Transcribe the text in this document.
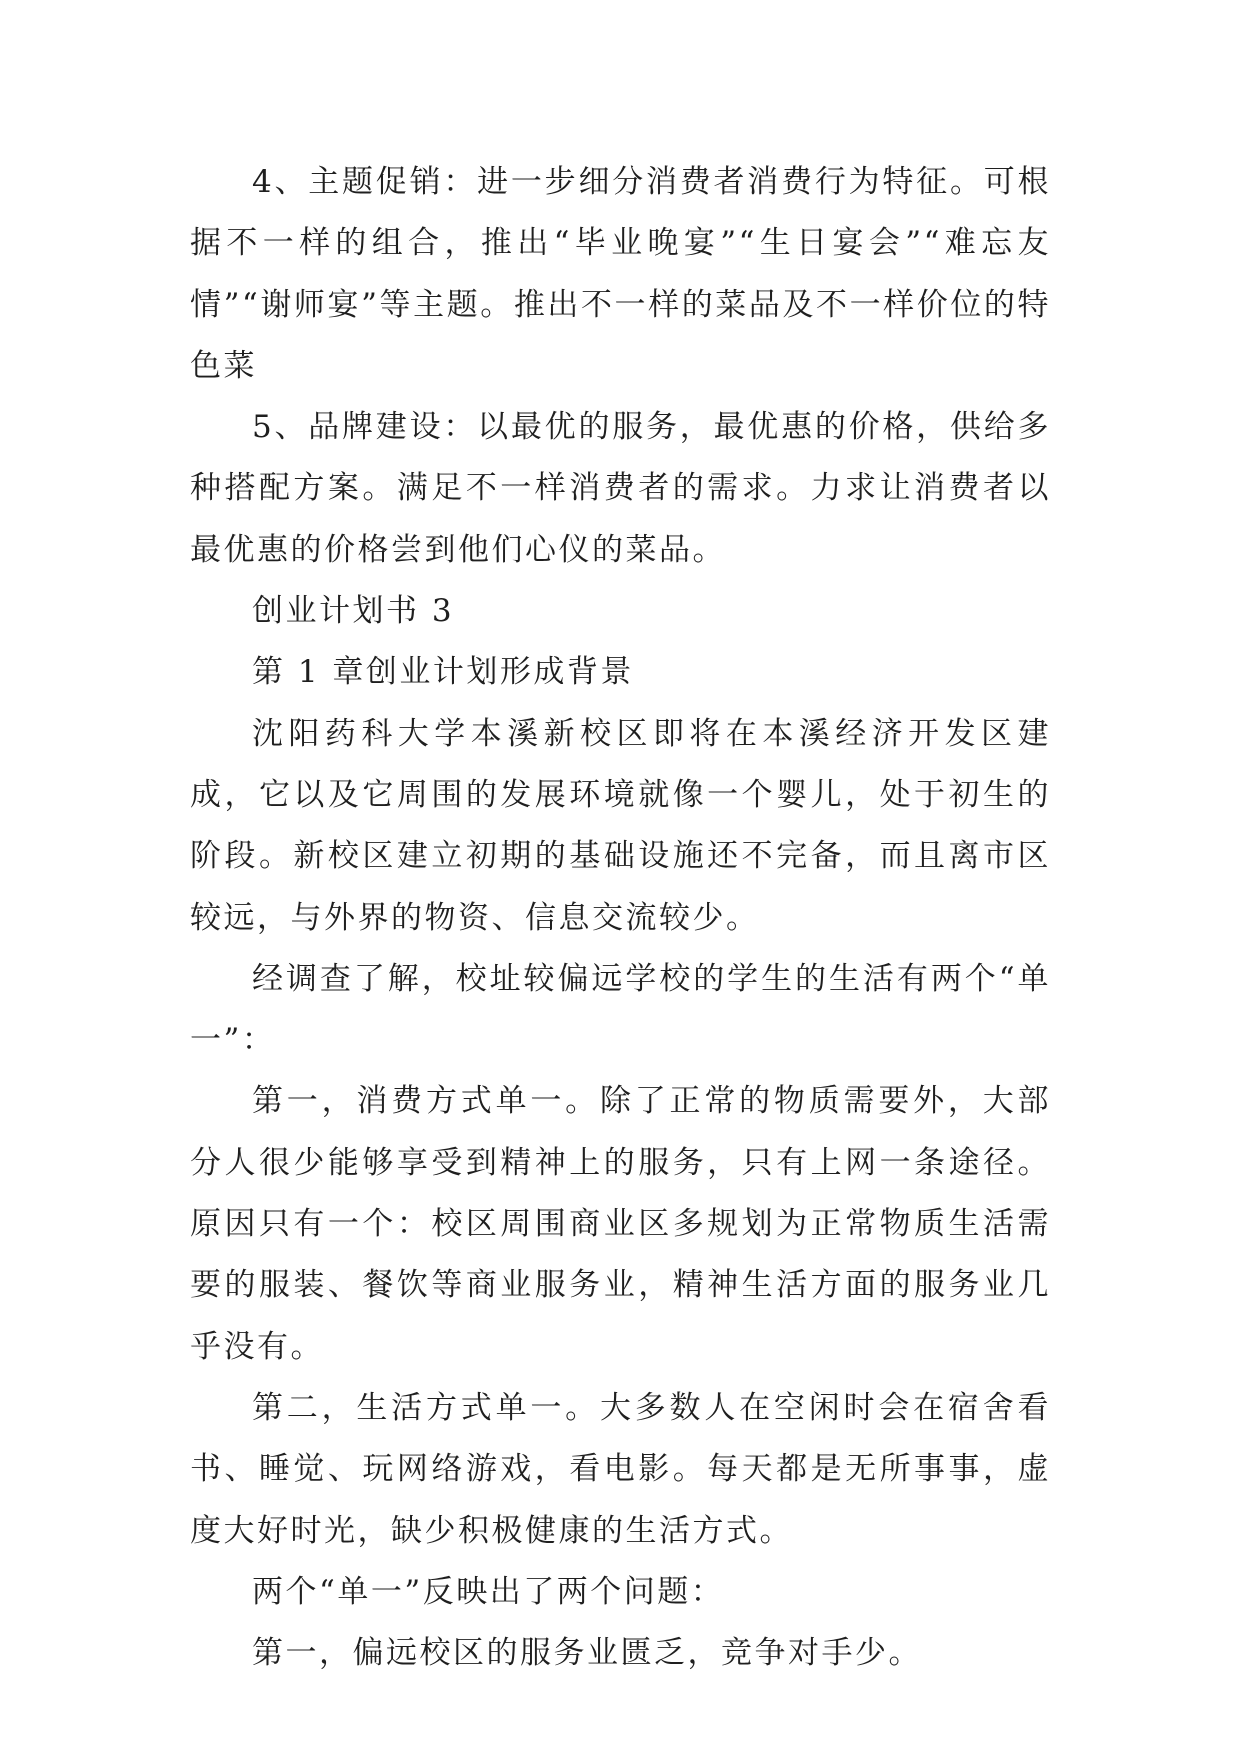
4、主题促销：进一步细分消费者消费行为特征。可根据不一样的组合，推出“毕业晚宴”“生日宴会”“难忘友情”“谢师宴”等主题。推出不一样的菜品及不一样价位的特色菜

5、品牌建设：以最优的服务，最优惠的价格，供给多种搭配方案。满足不一样消费者的需求。力求让消费者以最优惠的价格尝到他们心仪的菜品。

创业计划书 3

第 1 章创业计划形成背景

沈阳药科大学本溪新校区即将在本溪经济开发区建成，它以及它周围的发展环境就像一个婴儿，处于初生的阶段。新校区建立初期的基础设施还不完备，而且离市区较远，与外界的物资、信息交流较少。

经调查了解，校址较偏远学校的学生的生活有两个“单一”：

第一，消费方式单一。除了正常的物质需要外，大部分人很少能够享受到精神上的服务，只有上网一条途径。原因只有一个：校区周围商业区多规划为正常物质生活需要的服装、餐饮等商业服务业，精神生活方面的服务业几乎没有。

第二，生活方式单一。大多数人在空闲时会在宿舍看书、睡觉、玩网络游戏，看电影。每天都是无所事事，虚度大好时光，缺少积极健康的生活方式。

两个“单一”反映出了两个问题：

第一，偏远校区的服务业匮乏，竞争对手少。
